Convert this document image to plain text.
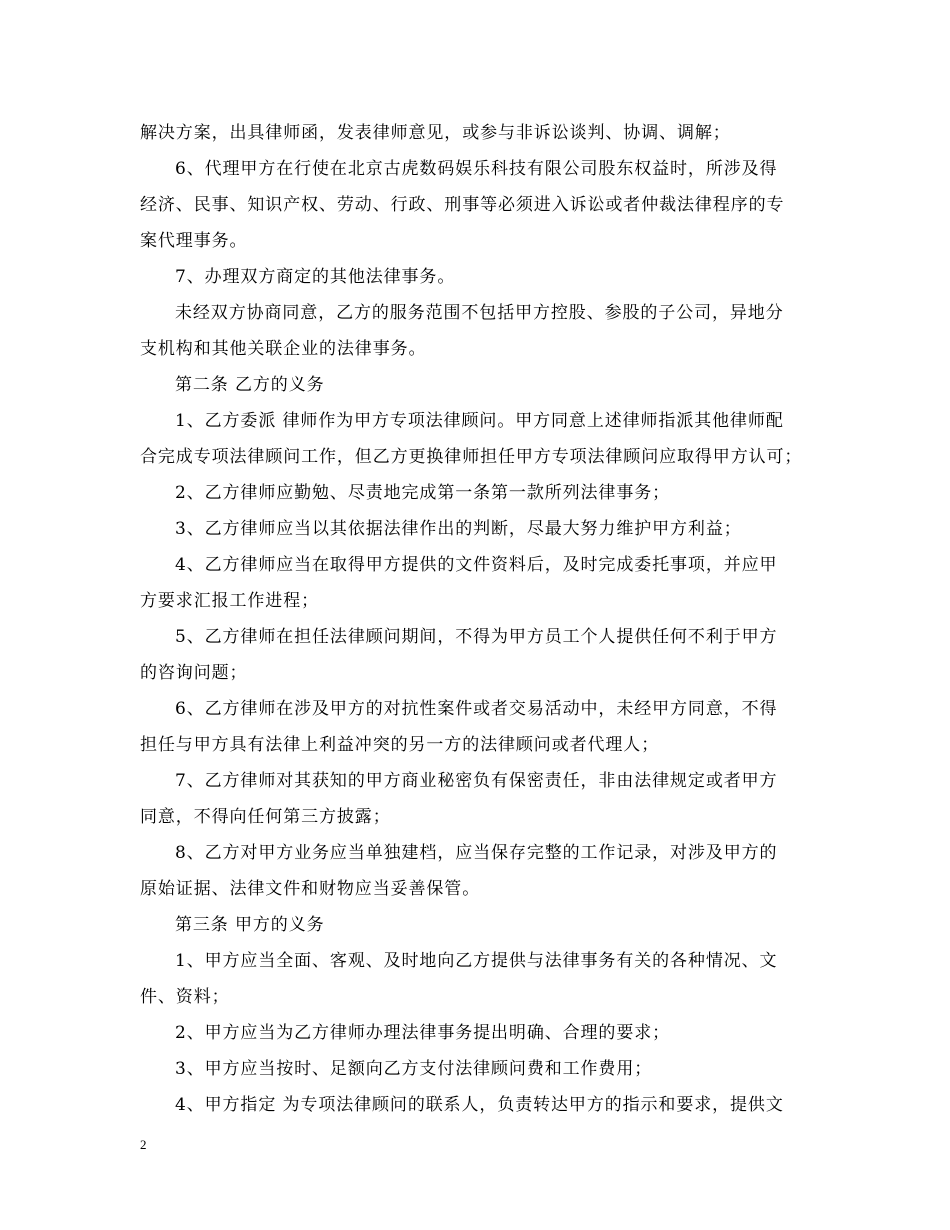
解决方案，出具律师函，发表律师意见，或参与非诉讼谈判、协调、调解；
6、代理甲方在行使在北京古虎数码娱乐科技有限公司股东权益时，所涉及得
经济、民事、知识产权、劳动、行政、刑事等必须进入诉讼或者仲裁法律程序的专
案代理事务。
7、办理双方商定的其他法律事务。
未经双方协商同意，乙方的服务范围不包括甲方控股、参股的子公司，异地分
支机构和其他关联企业的法律事务。
第二条 乙方的义务
1、乙方委派 律师作为甲方专项法律顾问。甲方同意上述律师指派其他律师配
合完成专项法律顾问工作，但乙方更换律师担任甲方专项法律顾问应取得甲方认可；
2、乙方律师应勤勉、尽责地完成第一条第一款所列法律事务；
3、乙方律师应当以其依据法律作出的判断，尽最大努力维护甲方利益；
4、乙方律师应当在取得甲方提供的文件资料后，及时完成委托事项，并应甲
方要求汇报工作进程；
5、乙方律师在担任法律顾问期间，不得为甲方员工个人提供任何不利于甲方
的咨询问题；
6、乙方律师在涉及甲方的对抗性案件或者交易活动中，未经甲方同意，不得
担任与甲方具有法律上利益冲突的另一方的法律顾问或者代理人；
7、乙方律师对其获知的甲方商业秘密负有保密责任，非由法律规定或者甲方
同意，不得向任何第三方披露；
8、乙方对甲方业务应当单独建档，应当保存完整的工作记录，对涉及甲方的
原始证据、法律文件和财物应当妥善保管。
第三条 甲方的义务
1、甲方应当全面、客观、及时地向乙方提供与法律事务有关的各种情况、文
件、资料；
2、甲方应当为乙方律师办理法律事务提出明确、合理的要求；
3、甲方应当按时、足额向乙方支付法律顾问费和工作费用；
4、甲方指定 为专项法律顾问的联系人，负责转达甲方的指示和要求，提供文
2
